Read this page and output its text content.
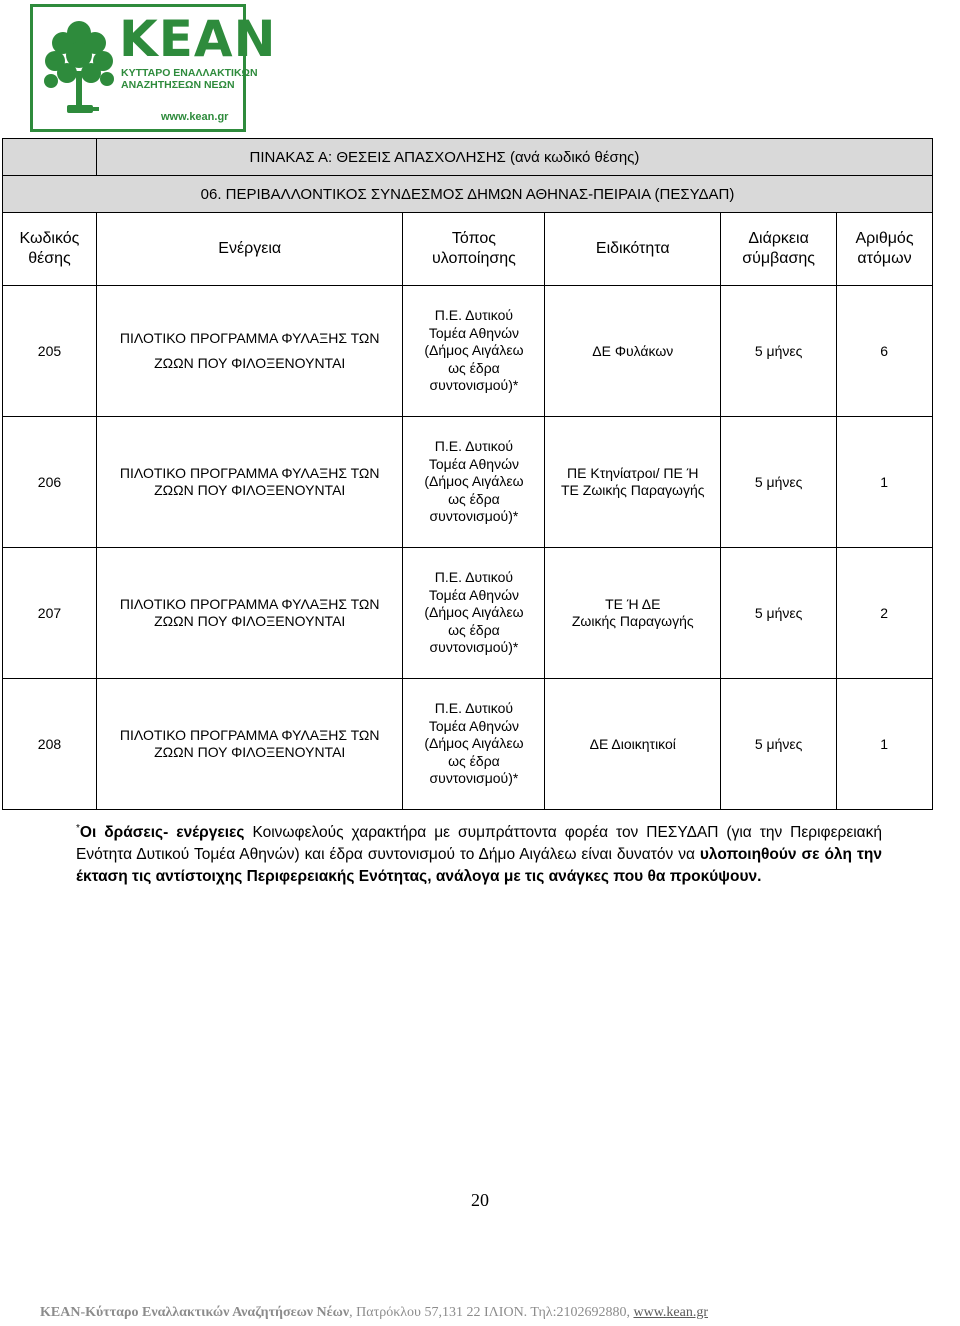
ΚΕΑΝ
ΚΥΤΤΑΡΟ ΕΝΑΛΛΑΚΤΙΚΩΝ
ΑΝΑΖΗΤΗΣΕΩΝ ΝΕΩΝ
www.kean.gr
	ΠΙΝΑΚΑΣ Α: ΘΕΣΕΙΣ ΑΠΑΣΧΟΛΗΣΗΣ (ανά κωδικό θέσης)				
06. ΠΕΡΙΒΑΛΛΟΝΤΙΚΟΣ ΣΥΝΔΕΣΜΟΣ ΔΗΜΩΝ ΑΘΗΝΑΣ-ΠΕΙΡΑΙΑ (ΠΕΣΥΔΑΠ)					
Κωδικός
θέσης	Ενέργεια	Τόπος
υλοποίησης	Ειδικότητα	Διάρκεια
σύμβασης	Αριθμός
ατόμων
205	ΠΙΛΟΤΙΚΟ ΠΡΟΓΡΑΜΜΑ ΦΥΛΑΞΗΣ ΤΩΝ
ΖΩΩΝ ΠΟΥ ΦΙΛΟΞΕΝΟΥΝΤΑΙ	Π.Ε. Δυτικού
Τομέα Αθηνών
(Δήμος Αιγάλεω
ως έδρα
συντονισμού)*	ΔΕ Φυλάκων	5 μήνες	6
206	ΠΙΛΟΤΙΚΟ ΠΡΟΓΡΑΜΜΑ ΦΥΛΑΞΗΣ ΤΩΝ
ΖΩΩΝ ΠΟΥ ΦΙΛΟΞΕΝΟΥΝΤΑΙ	Π.Ε. Δυτικού
Τομέα Αθηνών
(Δήμος Αιγάλεω
ως έδρα
συντονισμού)*	ΠΕ Κτηνίατροι/ ΠΕ Ή
ΤΕ Ζωικής Παραγωγής	5 μήνες	1
207	ΠΙΛΟΤΙΚΟ ΠΡΟΓΡΑΜΜΑ ΦΥΛΑΞΗΣ ΤΩΝ
ΖΩΩΝ ΠΟΥ ΦΙΛΟΞΕΝΟΥΝΤΑΙ	Π.Ε. Δυτικού
Τομέα Αθηνών
(Δήμος Αιγάλεω
ως έδρα
συντονισμού)*	ΤΕ Ή ΔΕ
Ζωικής Παραγωγής	5 μήνες	2
208	ΠΙΛΟΤΙΚΟ ΠΡΟΓΡΑΜΜΑ ΦΥΛΑΞΗΣ ΤΩΝ
ΖΩΩΝ ΠΟΥ ΦΙΛΟΞΕΝΟΥΝΤΑΙ	Π.Ε. Δυτικού
Τομέα Αθηνών
(Δήμος Αιγάλεω
ως έδρα
συντονισμού)*	ΔΕ Διοικητικοί	5 μήνες	1
*Οι δράσεις- ενέργειες Κοινωφελούς χαρακτήρα με συμπράττοντα φορέα τον ΠΕΣΥΔΑΠ (για την Περιφερειακή Ενότητα Δυτικού Τομέα Αθηνών) και έδρα συντονισμού το Δήμο Αιγάλεω είναι δυνατόν να υλοποιηθούν σε όλη την έκταση τις αντίστοιχης Περιφερειακής Ενότητας, ανάλογα με τις ανάγκες που θα προκύψουν.
20
ΚΕΑΝ-Κύτταρο Εναλλακτικών Αναζητήσεων Νέων, Πατρόκλου 57,131 22 ΙΛΙΟΝ. Τηλ:2102692880, www.kean.gr
